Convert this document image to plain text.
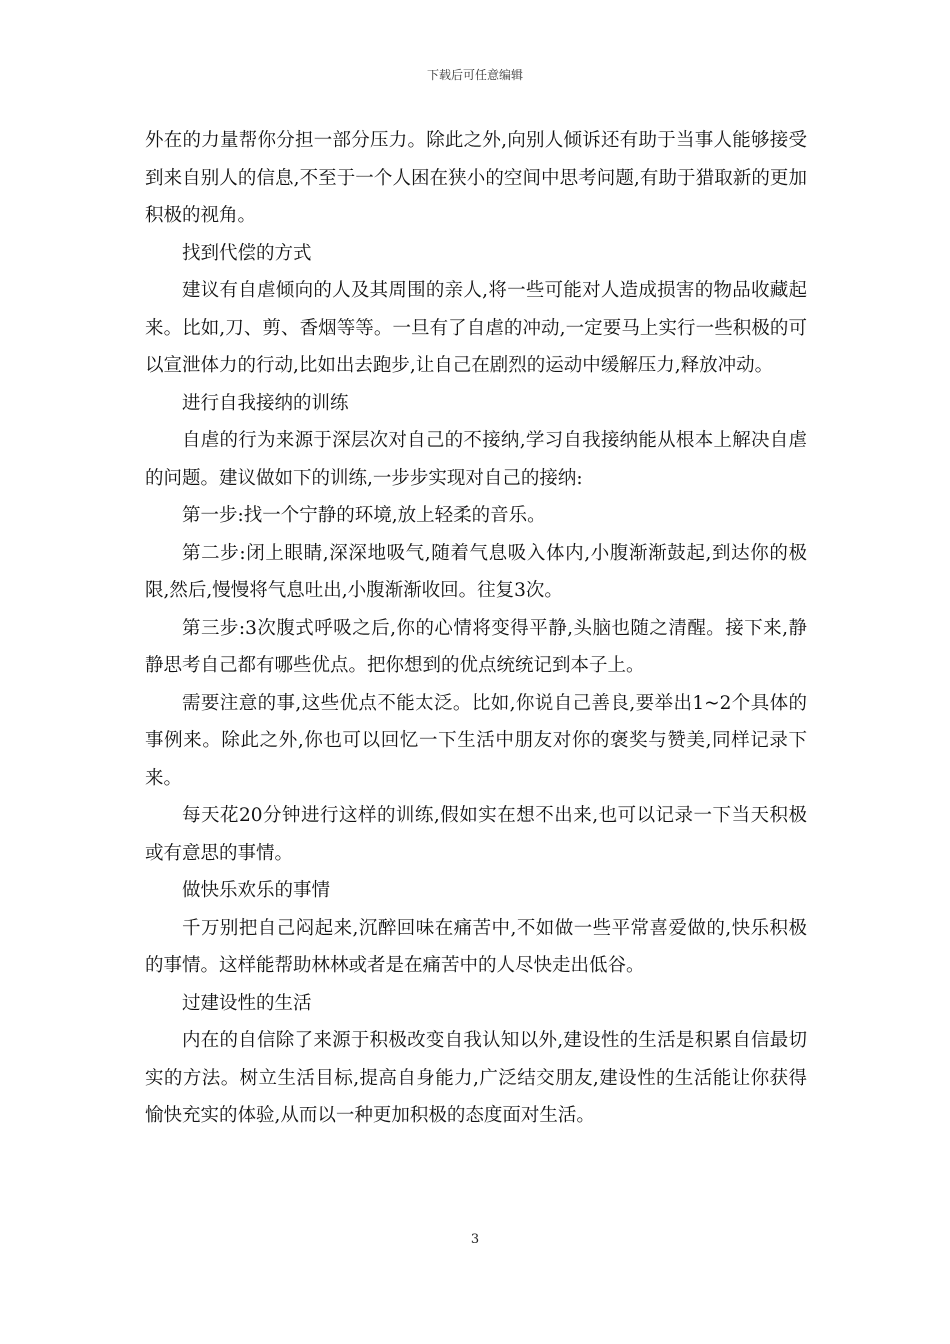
下载后可任意编辑

外在的力量帮你分担一部分压力。除此之外,向别人倾诉还有助于当事人能够接受到来自别人的信息,不至于一个人困在狭小的空间中思考问题,有助于猎取新的更加积极的视角。

找到代偿的方式

建议有自虐倾向的人及其周围的亲人,将一些可能对人造成损害的物品收藏起来。比如,刀、剪、香烟等等。一旦有了自虐的冲动,一定要马上实行一些积极的可以宣泄体力的行动,比如出去跑步,让自己在剧烈的运动中缓解压力,释放冲动。

进行自我接纳的训练

自虐的行为来源于深层次对自己的不接纳,学习自我接纳能从根本上解决自虐的问题。建议做如下的训练,一步步实现对自己的接纳:

第一步:找一个宁静的环境,放上轻柔的音乐。

第二步:闭上眼睛,深深地吸气,随着气息吸入体内,小腹渐渐鼓起,到达你的极限,然后,慢慢将气息吐出,小腹渐渐收回。往复3次。

第三步:3次腹式呼吸之后,你的心情将变得平静,头脑也随之清醒。接下来,静静思考自己都有哪些优点。把你想到的优点统统记到本子上。

需要注意的事,这些优点不能太泛。比如,你说自己善良,要举出1~2个具体的事例来。除此之外,你也可以回忆一下生活中朋友对你的褒奖与赞美,同样记录下来。

每天花20分钟进行这样的训练,假如实在想不出来,也可以记录一下当天积极或有意思的事情。

做快乐欢乐的事情

千万别把自己闷起来,沉醉回味在痛苦中,不如做一些平常喜爱做的,快乐积极的事情。这样能帮助林林或者是在痛苦中的人尽快走出低谷。

过建设性的生活

内在的自信除了来源于积极改变自我认知以外,建设性的生活是积累自信最切实的方法。树立生活目标,提高自身能力,广泛结交朋友,建设性的生活能让你获得愉快充实的体验,从而以一种更加积极的态度面对生活。

3
